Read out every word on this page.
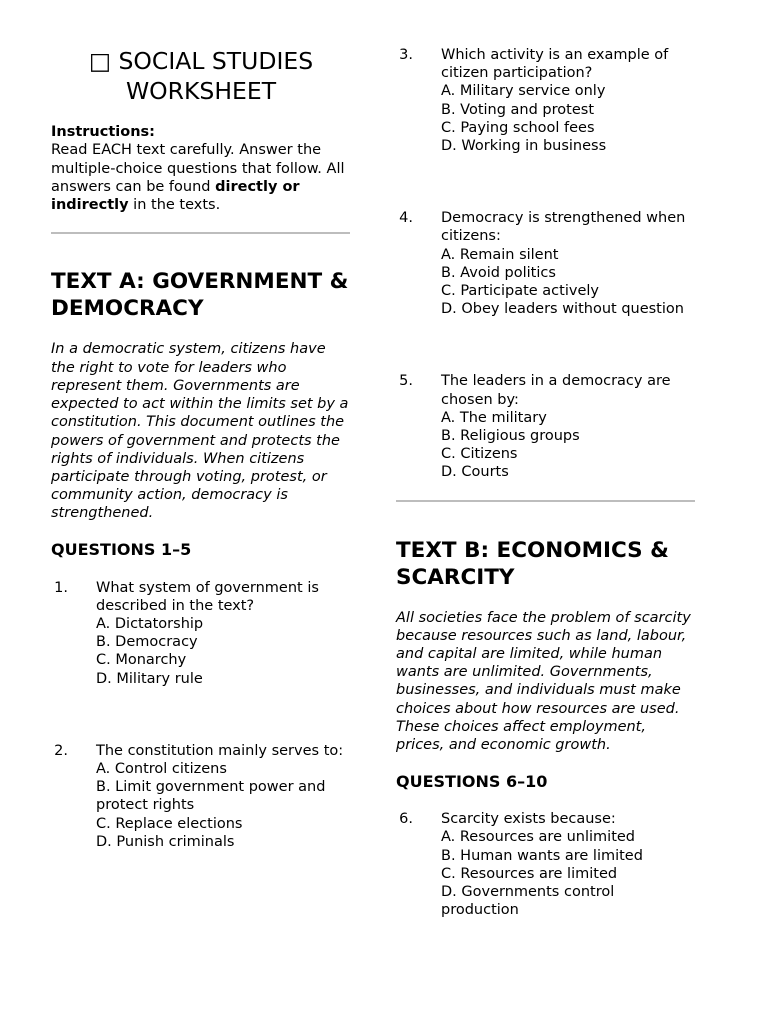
□ SOCIAL STUDIES
WORKSHEET
Instructions:
Read EACH text carefully. Answer the multiple-choice questions that follow. All answers can be found directly or indirectly in the texts.
TEXT A: GOVERNMENT & DEMOCRACY

In a democratic system, citizens have the right to vote for leaders who represent them. Governments are expected to act within the limits set by a constitution. This document outlines the powers of government and protects the rights of individuals. When citizens participate through voting, protest, or community action, democracy is strengthened.

QUESTIONS 1–5
1. What system of government is described in the text?
A. Dictatorship
B. Democracy
C. Monarchy
D. Military rule
2. The constitution mainly serves to:
A. Control citizens
B. Limit government power and protect rights
C. Replace elections
D. Punish criminals
3. Which activity is an example of citizen participation?
A. Military service only
B. Voting and protest
C. Paying school fees
D. Working in business
4. Democracy is strengthened when citizens:
A. Remain silent
B. Avoid politics
C. Participate actively
D. Obey leaders without question
5. The leaders in a democracy are chosen by:
A. The military
B. Religious groups
C. Citizens
D. Courts
TEXT B: ECONOMICS & SCARCITY

All societies face the problem of scarcity because resources such as land, labour, and capital are limited, while human wants are unlimited. Governments, businesses, and individuals must make choices about how resources are used. These choices affect employment, prices, and economic growth.

QUESTIONS 6–10
6. Scarcity exists because:
A. Resources are unlimited
B. Human wants are limited
C. Resources are limited
D. Governments control production
